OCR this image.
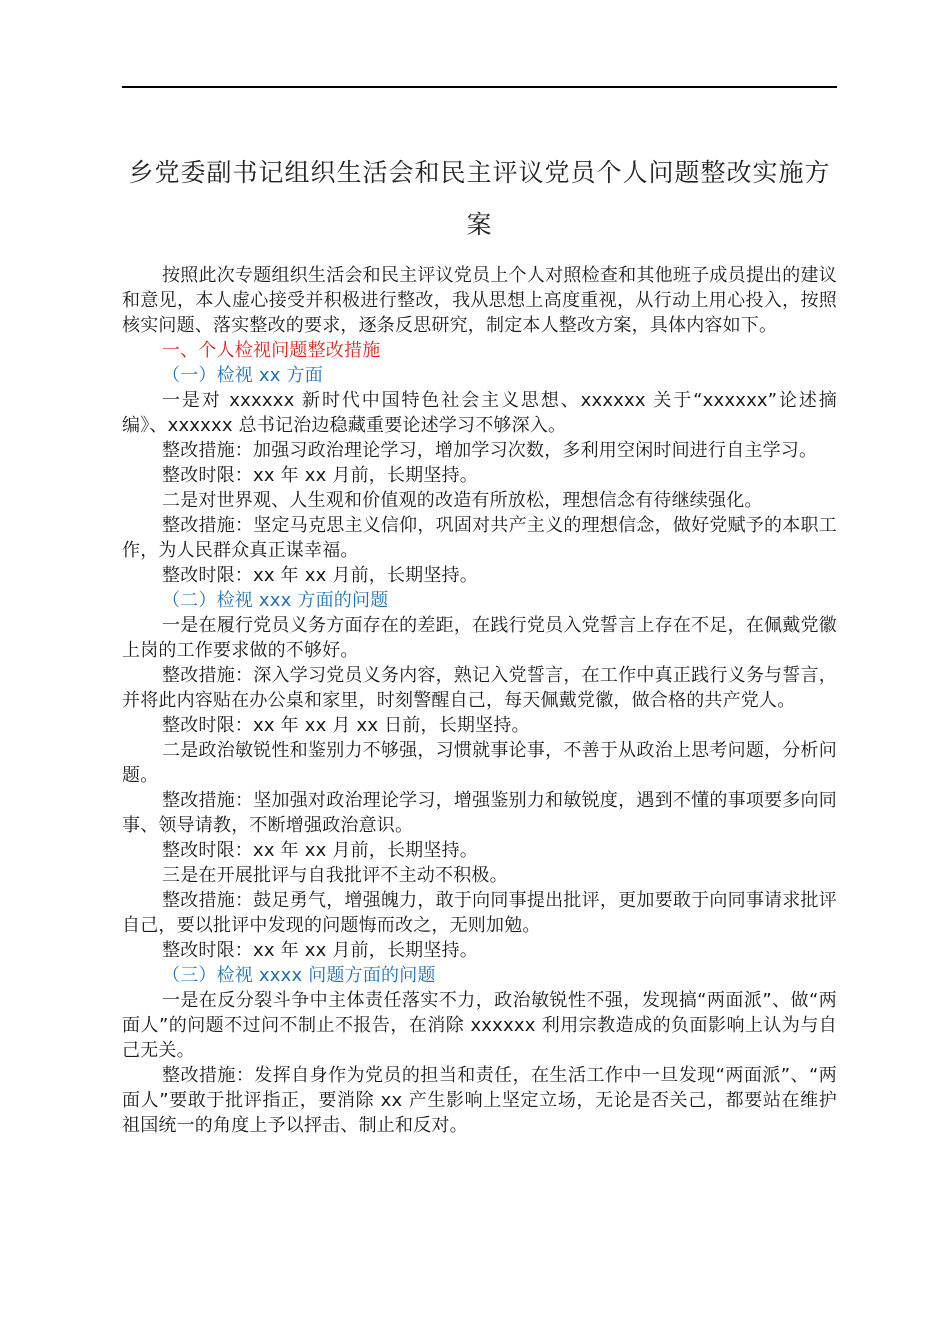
乡党委副书记组织生活会和民主评议党员个人问题整改实施方案

按照此次专题组织生活会和民主评议党员上个人对照检查和其他班子成员提出的建议和意见，本人虚心接受并积极进行整改，我从思想上高度重视，从行动上用心投入，按照核实问题、落实整改的要求，逐条反思研究，制定本人整改方案，具体内容如下。

一、个人检视问题整改措施

（一）检视 xx 方面

一是对 xxxxxx 新时代中国特色社会主义思想、xxxxxx 关于“xxxxxx”论述摘编》、xxxxxx 总书记治边稳藏重要论述学习不够深入。

整改措施：加强习政治理论学习，增加学习次数，多利用空闲时间进行自主学习。

整改时限：xx 年 xx 月前，长期坚持。

二是对世界观、人生观和价值观的改造有所放松，理想信念有待继续强化。

整改措施：坚定马克思主义信仰，巩固对共产主义的理想信念，做好党赋予的本职工作，为人民群众真正谋幸福。

整改时限：xx 年 xx 月前，长期坚持。

（二）检视 xxx 方面的问题

一是在履行党员义务方面存在的差距，在践行党员入党誓言上存在不足，在佩戴党徽上岗的工作要求做的不够好。

整改措施：深入学习党员义务内容，熟记入党誓言，在工作中真正践行义务与誓言，并将此内容贴在办公桌和家里，时刻警醒自己，每天佩戴党徽，做合格的共产党人。

整改时限：xx 年 xx 月 xx 日前，长期坚持。

二是政治敏锐性和鉴别力不够强，习惯就事论事，不善于从政治上思考问题，分析问题。

整改措施：坚加强对政治理论学习，增强鉴别力和敏锐度，遇到不懂的事项要多向同事、领导请教，不断增强政治意识。

整改时限：xx 年 xx 月前，长期坚持。

三是在开展批评与自我批评不主动不积极。

整改措施：鼓足勇气，增强魄力，敢于向同事提出批评，更加要敢于向同事请求批评自己，要以批评中发现的问题悔而改之，无则加勉。

整改时限：xx 年 xx 月前，长期坚持。

（三）检视 xxxx 问题方面的问题

一是在反分裂斗争中主体责任落实不力，政治敏锐性不强，发现搞“两面派”、做“两面人”的问题不过问不制止不报告，在消除 xxxxxx 利用宗教造成的负面影响上认为与自己无关。

整改措施：发挥自身作为党员的担当和责任，在生活工作中一旦发现“两面派”、“两面人”要敢于批评指正，要消除 xx 产生影响上坚定立场，无论是否关己，都要站在维护祖国统一的角度上予以抨击、制止和反对。
